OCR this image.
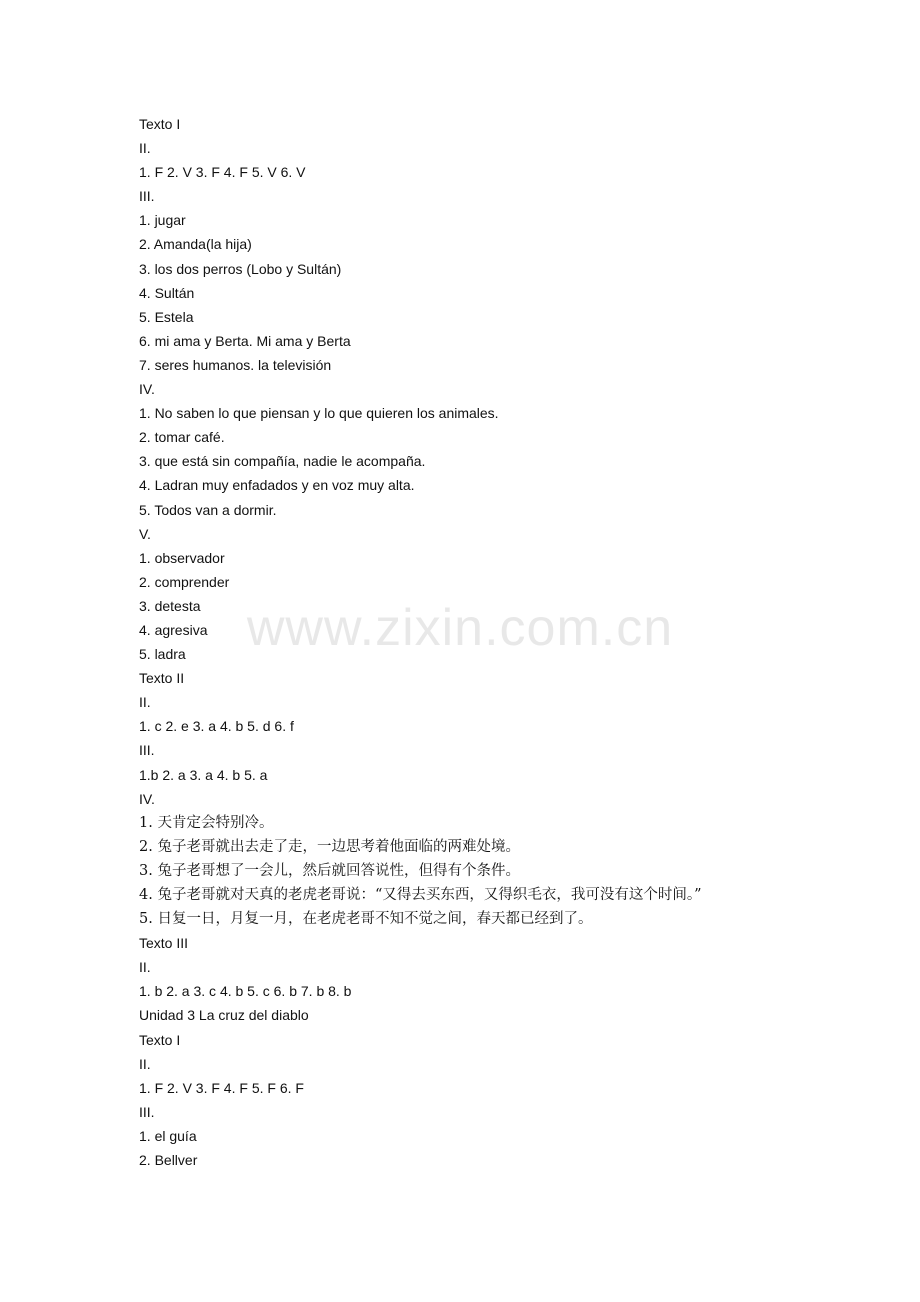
Texto I
II.
1. F 2. V 3. F 4. F 5. V 6. V
III.
1. jugar
2. Amanda(la hija)
3. los dos perros (Lobo y Sultán)
4. Sultán
5. Estela
6. mi ama y Berta. Mi ama y Berta
7. seres humanos. la televisión
IV.
1. No saben lo que piensan y lo que quieren los animales.
2. tomar café.
3. que está sin compañía, nadie le acompaña.
4. Ladran muy enfadados y en voz muy alta.
5. Todos van a dormir.
V.
1. observador
2. comprender
3. detesta
4. agresiva
5. ladra
Texto II
II.
1. c 2. e 3. a 4. b 5. d 6. f
III.
1.b 2. a 3. a 4. b 5. a
IV.
1. 天肯定会特别冷。
2. 兔子老哥就出去走了走，一边思考着他面临的两难处境。
3. 兔子老哥想了一会儿，然后就回答说性，但得有个条件。
4. 兔子老哥就对天真的老虎老哥说：“又得去买东西，又得织毛衣，我可没有这个时间。”
5. 日复一日，月复一月，在老虎老哥不知不觉之间，春天都已经到了。
Texto III
II.
1. b 2. a 3. c 4. b 5. c 6. b 7. b 8. b
Unidad 3 La cruz del diablo
Texto I
II.
1. F 2. V 3. F 4. F 5. F 6. F
III.
1. el guía
2. Bellver
www.zixin.com.cn
